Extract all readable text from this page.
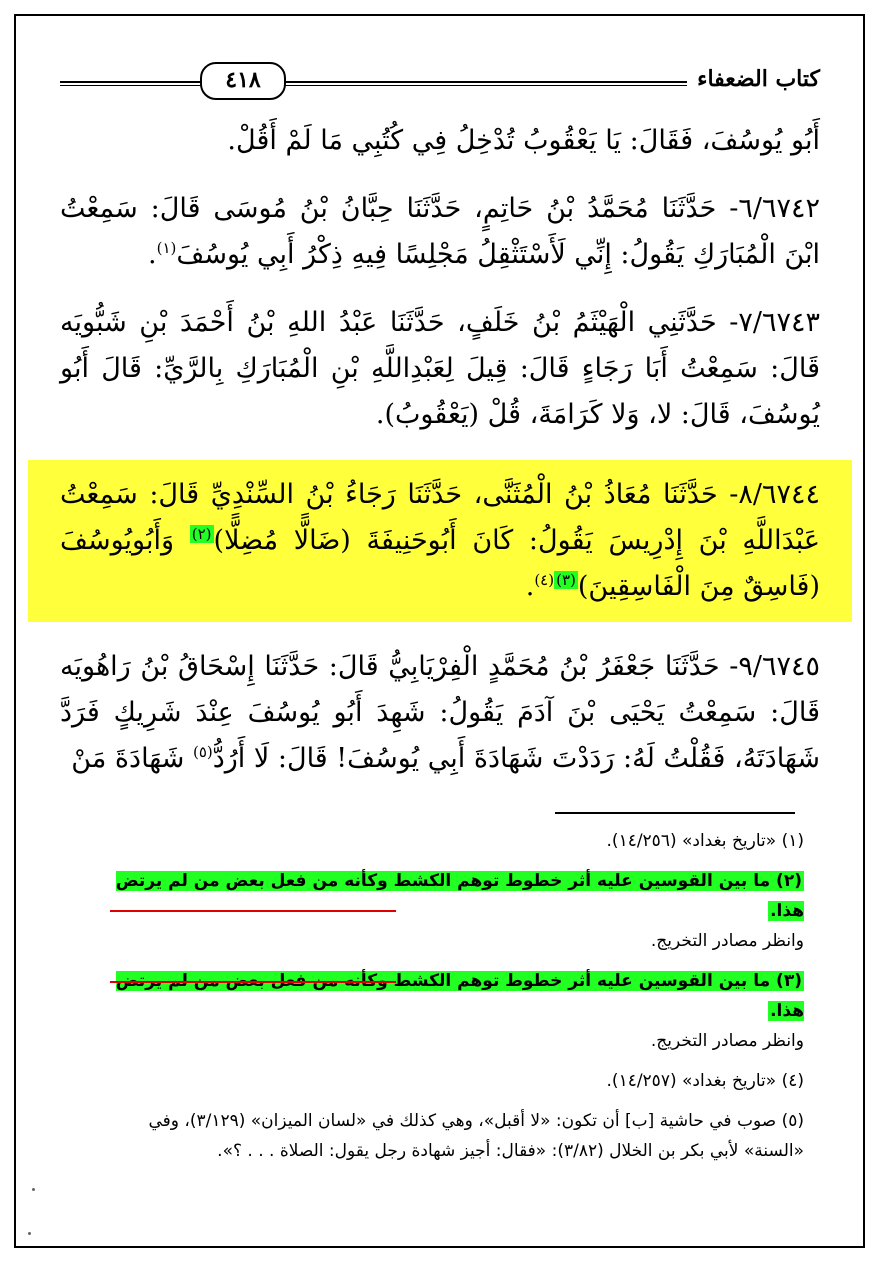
كتاب الضعفاء
٤١٨

أَبُو يُوسُفَ، فَقَالَ: يَا يَعْقُوبُ تُدْخِلُ فِي كُتُبِي مَا لَمْ أَقُلْ.

٦/٦٧٤٢- حَدَّثَنَا مُحَمَّدُ بْنُ حَاتِمٍ، حَدَّثَنَا حِبَّانُ بْنُ مُوسَى قَالَ: سَمِعْتُ ابْنَ الْمُبَارَكِ يَقُولُ: إِنِّي لَأَسْتَثْقِلُ مَجْلِسًا فِيهِ ذِكْرُ أَبِي يُوسُفَ$^{(١)}$.

٧/٦٧٤٣- حَدَّثَنِي الْهَيْثَمُ بْنُ خَلَفٍ، حَدَّثَنَا عَبْدُ اللهِ بْنُ أَحْمَدَ بْنِ شَبُّويَه قَالَ: سَمِعْتُ أَبَا رَجَاءٍ قَالَ: قِيلَ لِعَبْدِاللَّهِ بْنِ الْمُبَارَكِ بِالرَّيِّ: قَالَ أَبُو يُوسُفَ، قَالَ: لا، وَلا كَرَامَةَ، قُلْ (يَعْقُوبُ).

٨/٦٧٤٤- حَدَّثَنَا مُعَاذُ بْنُ الْمُثَنَّى، حَدَّثَنَا رَجَاءُ بْنُ السِّنْدِيِّ قَالَ: سَمِعْتُ عَبْدَاللَّهِ بْنَ إِدْرِيسَ يَقُولُ: كَانَ أَبُوحَنِيفَةَ (ضَالًّا مُضِلًّا)$^{(٢)}$ وَأَبُويُوسُفَ (فَاسِقٌ مِنَ الْفَاسِقِينَ)$^{(٣)(٤)}$.

٩/٦٧٤٥- حَدَّثَنَا جَعْفَرُ بْنُ مُحَمَّدٍ الْفِرْيَابِيُّ قَالَ: حَدَّثَنَا إِسْحَاقُ بْنُ رَاهُويَه قَالَ: سَمِعْتُ يَحْيَى بْنَ آدَمَ يَقُولُ: شَهِدَ أَبُو يُوسُفَ عِنْدَ شَرِيكٍ فَرَدَّ شَهَادَتَهُ، فَقُلْتُ لَهُ: رَدَدْتَ شَهَادَةَ أَبِي يُوسُفَ! قَالَ: لَا أَرُدُّ$^{(٥)}$ شَهَادَةَ مَنْ

(١) «تاريخ بغداد» (١٤/٢٥٦).

(٢) ما بين القوسين عليه أثر خطوط توهم الكشط وكأنه من فعل بعض من لم يرتض هذا.
وانظر مصادر التخريج.

(٣) ما بين القوسين عليه أثر خطوط توهم الكشط وكأنه من فعل بعض من لم يرتض هذا.
وانظر مصادر التخريج.

(٤) «تاريخ بغداد» (١٤/٢٥٧).

(٥) صوب في حاشية [ب] أن تكون: «لا أقبل»، وهي كذلك في «لسان الميزان» (٣/١٢٩)، وفي «السنة» لأبي بكر بن الخلال (٣/٨٢): «فقال: أجيز شهادة رجل يقول: الصلاة . . . ؟».
